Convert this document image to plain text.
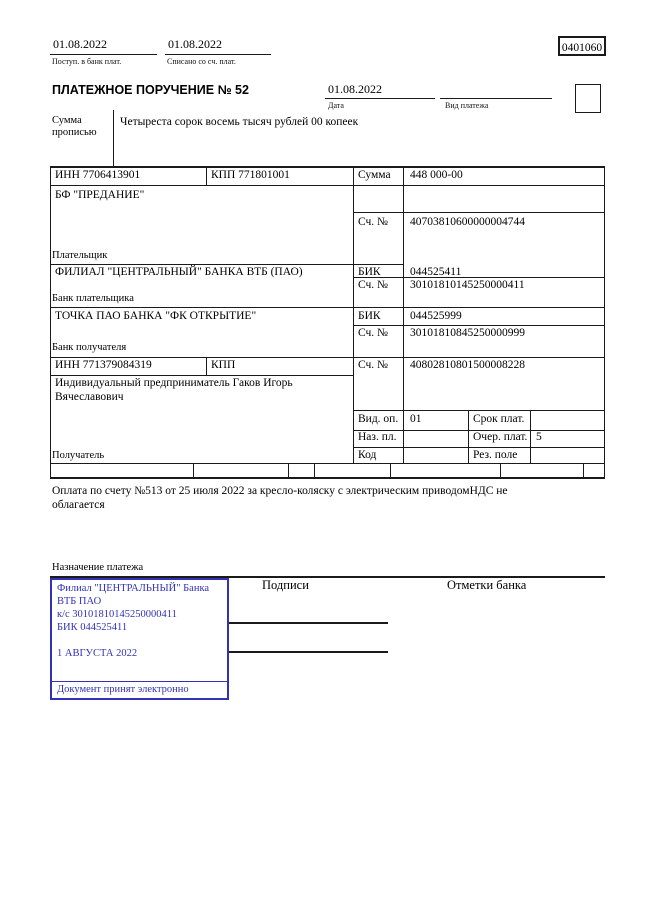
01.08.2022
Поступ. в банк плат.
01.08.2022
Списано со сч. плат.
0401060
ПЛАТЕЖНОЕ ПОРУЧЕНИЕ № 52	01.08.2022
Дата	Вид платежа
Сумма прописью
Четыреста сорок восемь тысяч рублей 00 копеек
ИНН 7706413901	КПП 771801001	Сумма 448 000-00
БФ "ПРЕДАНИЕ"
Сч. № 40703810600000004744
Плательщик
ФИЛИАЛ "ЦЕНТРАЛЬНЫЙ" БАНКА ВТБ (ПАО)	БИК	044525411
Сч. № 30101810145250000411
Банк плательщика
ТОЧКА ПАО БАНКА "ФК ОТКРЫТИЕ"	БИК	044525999
Сч. № 30101810845250000999
Банк получателя
ИНН 771379084319	КПП	Сч. № 40802810801500008228
Индивидуальный предприниматель Гаков Игорь
Вячеславович
Получатель
Вид. оп. 01	Срок плат.
Наз. пл.	Очер. плат. 5
Код	Рез. поле
Оплата по счету №513 от 25 июля 2022 за кресло-коляску с электрическим приводомНДС не
облагается
Назначение платежа
Подписи	Отметки банка
Филиал "ЦЕНТРАЛЬНЫЙ" Банка
ВТБ ПАО
к/с 30101810145250000411
БИК 044525411
1 АВГУСТА 2022
Документ принят электронно
